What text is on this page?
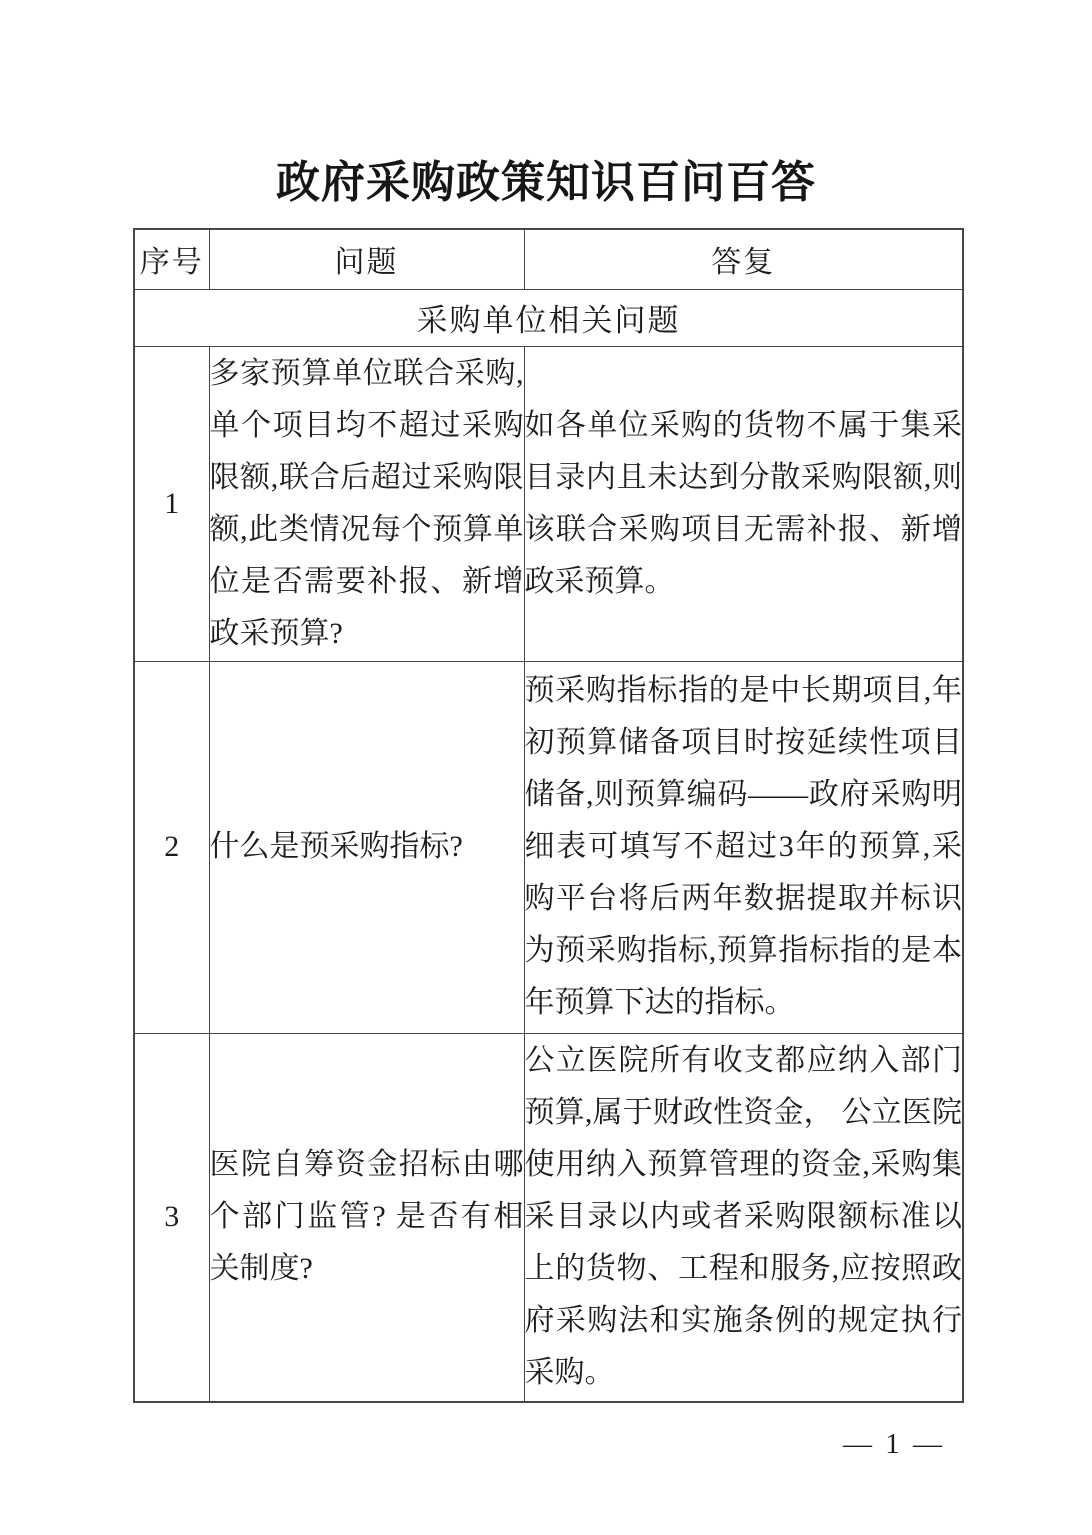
政府采购政策知识百问百答
序号	问题	答复
采购单位相关问题		
1	多家预算单位联合采购,单个项目均不超过采购限额,联合后超过采购限额,此类情况每个预算单位是否需要补报、新增政采预算?	如各单位采购的货物不属于集采目录内且未达到分散采购限额,则该联合采购项目无需补报、新增政采预算。
2	什么是预采购指标?	预采购指标指的是中长期项目,年初预算储备项目时按延续性项目储备,则预算编码——政府采购明细表可填写不超过3年的预算,采购平台将后两年数据提取并标识为预采购指标,预算指标指的是本年预算下达的指标。
3	医院自筹资金招标由哪个部门监管? 是否有相关制度?	公立医院所有收支都应纳入部门预算,属于财政性资金， 公立医院使用纳入预算管理的资金,采购集采目录以内或者采购限额标准以上的货物、工程和服务,应按照政府采购法和实施条例的规定执行采购。
— 1 —
